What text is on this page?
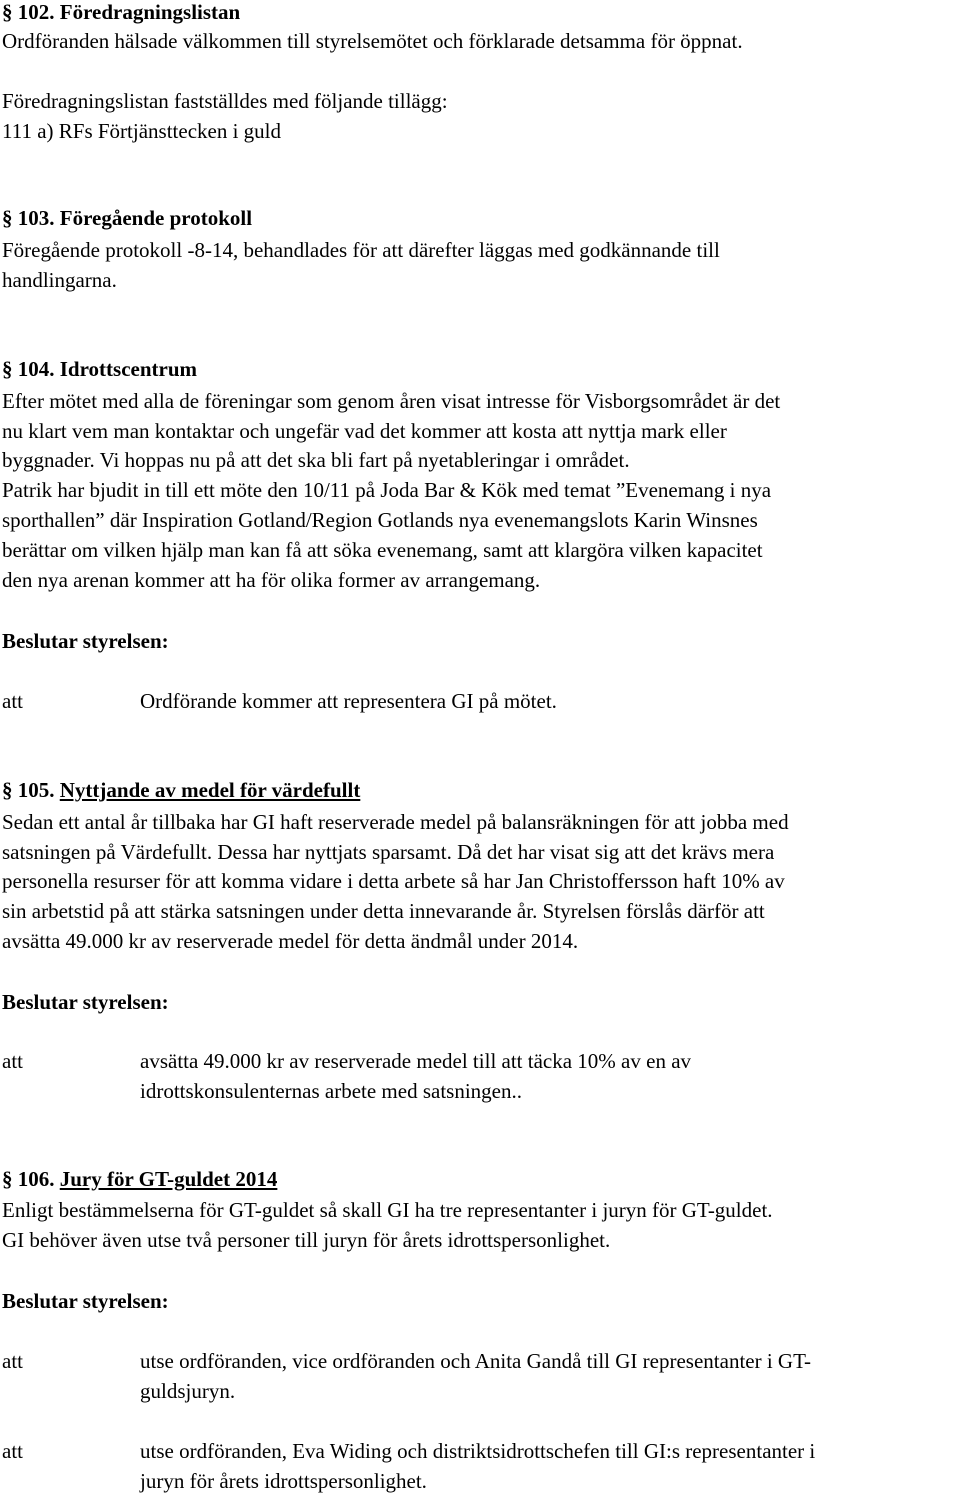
§ 102. Föredragningslistan

Ordföranden hälsade välkommen till styrelsemötet och förklarade detsamma för öppnat.

Föredragningslistan fastställdes med följande tillägg:

111 a) RFs Förtjänsttecken i guld

§ 103. Föregående protokoll

Föregående protokoll -8-14, behandlades för att därefter läggas med godkännande till

handlingarna.

§ 104. Idrottscentrum

Efter mötet med alla de föreningar som genom åren visat intresse för Visborgsområdet är det

nu klart vem man kontaktar och ungefär vad det kommer att kosta att nyttja mark eller

byggnader. Vi hoppas nu på att det ska bli fart på nyetableringar i området.

Patrik har bjudit in till ett möte den 10/11 på Joda Bar & Kök med temat ”Evenemang i nya

sporthallen” där Inspiration Gotland/Region Gotlands nya evenemangslots Karin Winsnes

berättar om vilken hjälp man kan få att söka evenemang, samt att klargöra vilken kapacitet

den nya arenan kommer att ha för olika former av arrangemang.

Beslutar styrelsen:

att	Ordförande kommer att representera GI på mötet.

§ 105. Nyttjande av medel för värdefullt

Sedan ett antal år tillbaka har GI haft reserverade medel på balansräkningen för att jobba med

satsningen på Värdefullt. Dessa har nyttjats sparsamt. Då det har visat sig att det krävs mera

personella resurser för att komma vidare i detta arbete så har Jan Christoffersson haft 10% av

sin arbetstid på att stärka satsningen under detta innevarande år. Styrelsen förslås därför att

avsätta 49.000 kr av reserverade medel för detta ändmål under 2014.

Beslutar styrelsen:

att	avsätta 49.000 kr av reserverade medel till att täcka 10% av en av

idrottskonsulenternas arbete med satsningen..

§ 106. Jury för GT-guldet 2014

Enligt bestämmelserna för GT-guldet så skall GI ha tre representanter i juryn för GT-guldet.

GI behöver även utse två personer till juryn för årets idrottspersonlighet.

Beslutar styrelsen:

att	utse ordföranden, vice ordföranden och Anita Gandå till GI representanter i GT-

guldsjuryn.

att	utse ordföranden, Eva Widing och distriktsidrottschefen till GI:s representanter i

juryn för årets idrottspersonlighet.
